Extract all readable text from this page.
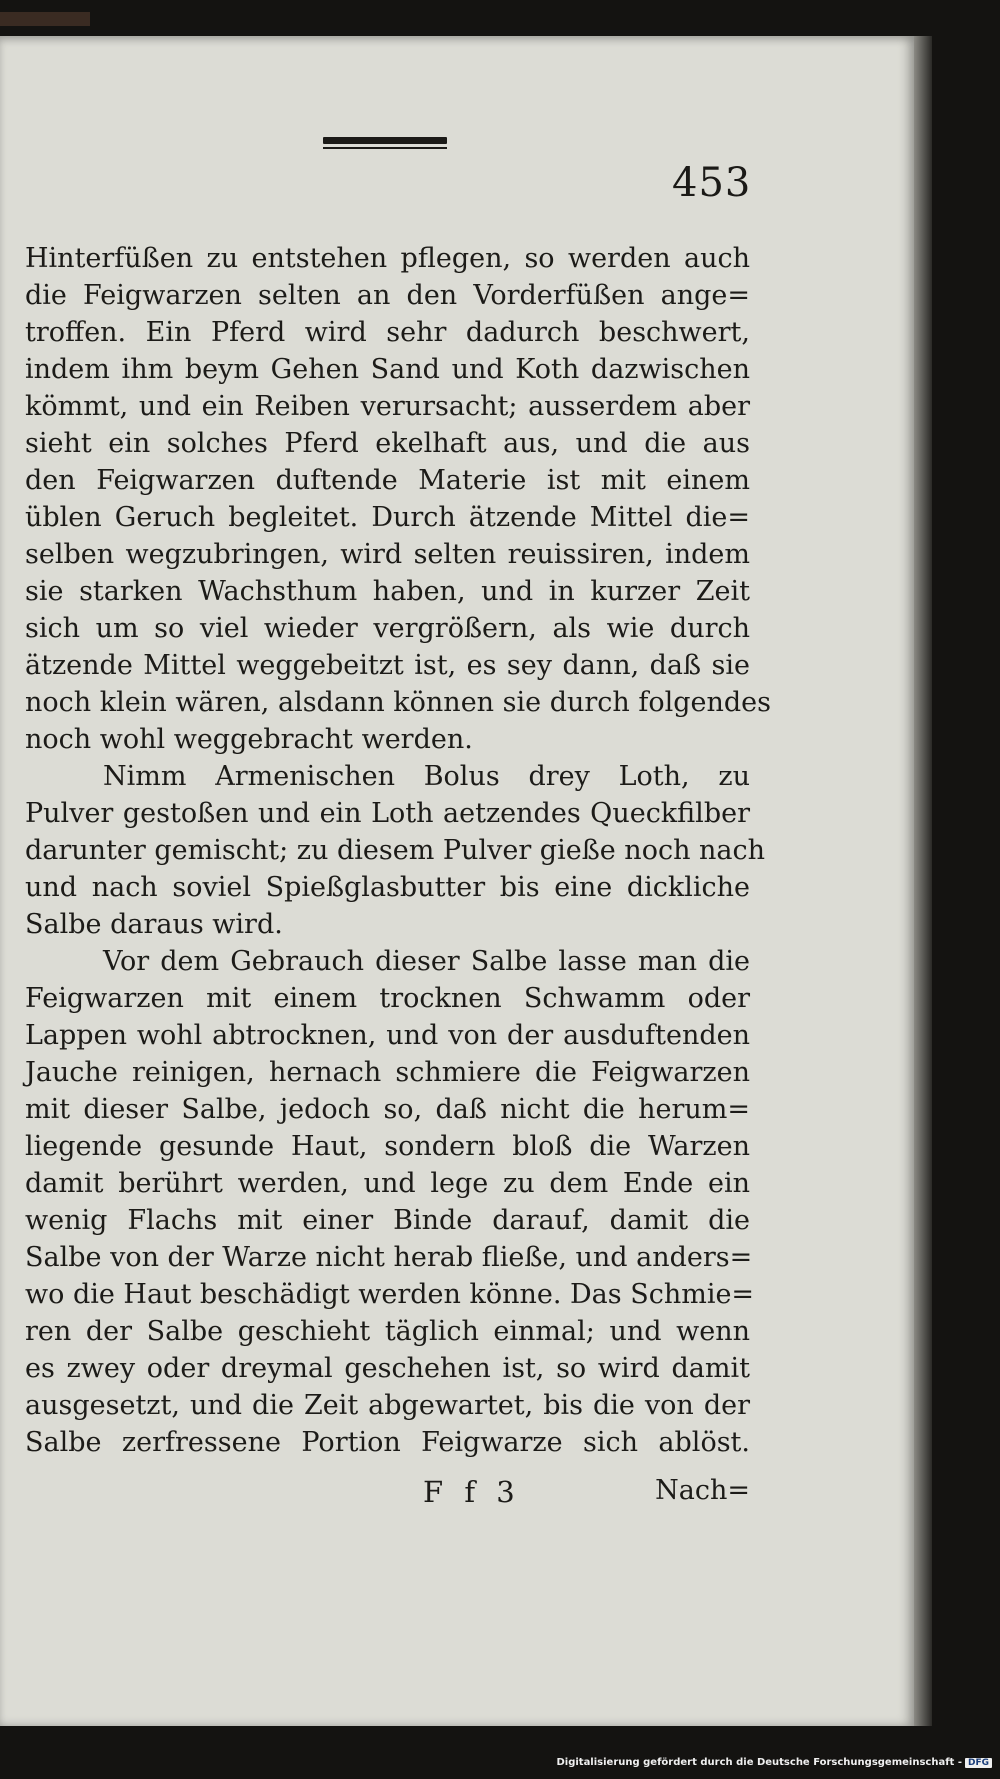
453
Hinterfüßen zu entstehen pflegen, so werden auch
die Feigwarzen selten an den Vorderfüßen ange=
troffen. Ein Pferd wird sehr dadurch beschwert,
indem ihm beym Gehen Sand und Koth dazwischen
kömmt, und ein Reiben verursacht; ausserdem aber
sieht ein solches Pferd ekelhaft aus, und die aus
den Feigwarzen duftende Materie ist mit einem
üblen Geruch begleitet. Durch ätzende Mittel die=
selben wegzubringen, wird selten reuissiren, indem
sie starken Wachsthum haben, und in kurzer Zeit
sich um so viel wieder vergrößern, als wie durch
ätzende Mittel weggebeitzt ist, es sey dann, daß sie
noch klein wären, alsdann können sie durch folgendes
noch wohl weggebracht werden.
Nimm Armenischen Bolus drey Loth, zu
Pulver gestoßen und ein Loth aetzendes Queckfilber
darunter gemischt; zu diesem Pulver gieße noch nach
und nach soviel Spießglasbutter bis eine dickliche
Salbe daraus wird.
Vor dem Gebrauch dieser Salbe lasse man die
Feigwarzen mit einem trocknen Schwamm oder
Lappen wohl abtrocknen, und von der ausduftenden
Jauche reinigen, hernach schmiere die Feigwarzen
mit dieser Salbe, jedoch so, daß nicht die herum=
liegende gesunde Haut, sondern bloß die Warzen
damit berührt werden, und lege zu dem Ende ein
wenig Flachs mit einer Binde darauf, damit die
Salbe von der Warze nicht herab fließe, und anders=
wo die Haut beschädigt werden könne. Das Schmie=
ren der Salbe geschieht täglich einmal; und wenn
es zwey oder dreymal geschehen ist, so wird damit
ausgesetzt, und die Zeit abgewartet, bis die von der
Salbe zerfressene Portion Feigwarze sich ablöst.
F f 3	Nach=
Digitalisierung gefördert durch die Deutsche Forschungsgemeinschaft - DFG
